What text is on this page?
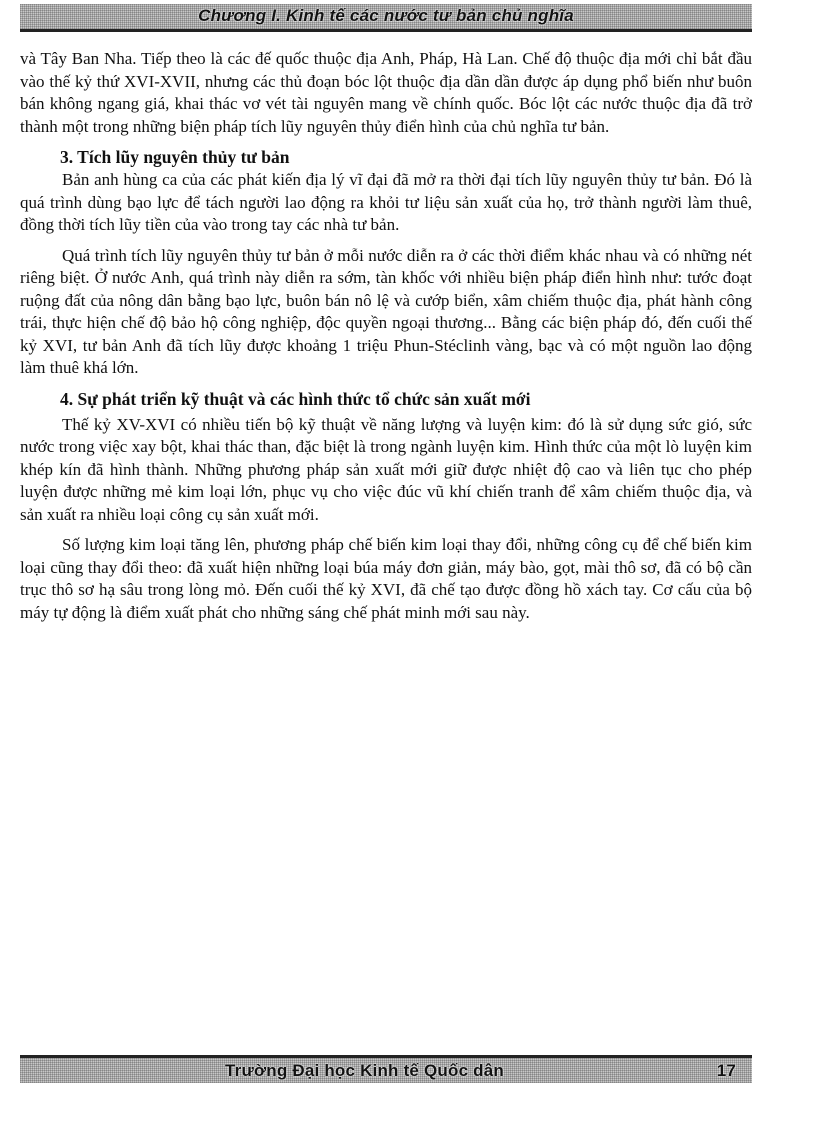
Chương I. Kinh tế các nước tư bản chủ nghĩa

và Tây Ban Nha. Tiếp theo là các đế quốc thuộc địa Anh, Pháp, Hà Lan. Chế độ thuộc địa mới chỉ bắt đầu vào thế kỷ thứ XVI-XVII, nhưng các thủ đoạn bóc lột thuộc địa dần dần được áp dụng phổ biến như buôn bán không ngang giá, khai thác vơ vét tài nguyên mang về chính quốc. Bóc lột các nước thuộc địa đã trở thành một trong những biện pháp tích lũy nguyên thủy điển hình của chủ nghĩa tư bản.

3. Tích lũy nguyên thủy tư bản

Bản anh hùng ca của các phát kiến địa lý vĩ đại đã mở ra thời đại tích lũy nguyên thủy tư bản. Đó là quá trình dùng bạo lực để tách người lao động ra khỏi tư liệu sản xuất của họ, trở thành người làm thuê, đồng thời tích lũy tiền của vào trong tay các nhà tư bản.

Quá trình tích lũy nguyên thủy tư bản ở mỗi nước diễn ra ở các thời điểm khác nhau và có những nét riêng biệt. Ở nước Anh, quá trình này diễn ra sớm, tàn khốc với nhiều biện pháp điển hình như: tước đoạt ruộng đất của nông dân bằng bạo lực, buôn bán nô lệ và cướp biển, xâm chiếm thuộc địa, phát hành công trái, thực hiện chế độ bảo hộ công nghiệp, độc quyền ngoại thương... Bằng các biện pháp đó, đến cuối thế kỷ XVI, tư bản Anh đã tích lũy được khoảng 1 triệu Phun-Stéclinh vàng, bạc và có một nguồn lao động làm thuê khá lớn.

4. Sự phát triển kỹ thuật và các hình thức tổ chức sản xuất mới

Thế kỷ XV-XVI có nhiều tiến bộ kỹ thuật về năng lượng và luyện kim: đó là sử dụng sức gió, sức nước trong việc xay bột, khai thác than, đặc biệt là trong ngành luyện kim. Hình thức của một lò luyện kim khép kín đã hình thành. Những phương pháp sản xuất mới giữ được nhiệt độ cao và liên tục cho phép luyện được những mẻ kim loại lớn, phục vụ cho việc đúc vũ khí chiến tranh để xâm chiếm thuộc địa, và sản xuất ra nhiều loại công cụ sản xuất mới.

Số lượng kim loại tăng lên, phương pháp chế biến kim loại thay đổi, những công cụ để chế biến kim loại cũng thay đổi theo: đã xuất hiện những loại búa máy đơn giản, máy bào, gọt, mài thô sơ, đã có bộ cần trục thô sơ hạ sâu trong lòng mỏ. Đến cuối thế kỷ XVI, đã chế tạo được đồng hồ xách tay. Cơ cấu của bộ máy tự động là điểm xuất phát cho những sáng chế phát minh mới sau này.

Trường Đại học Kinh tế Quốc dân	17
